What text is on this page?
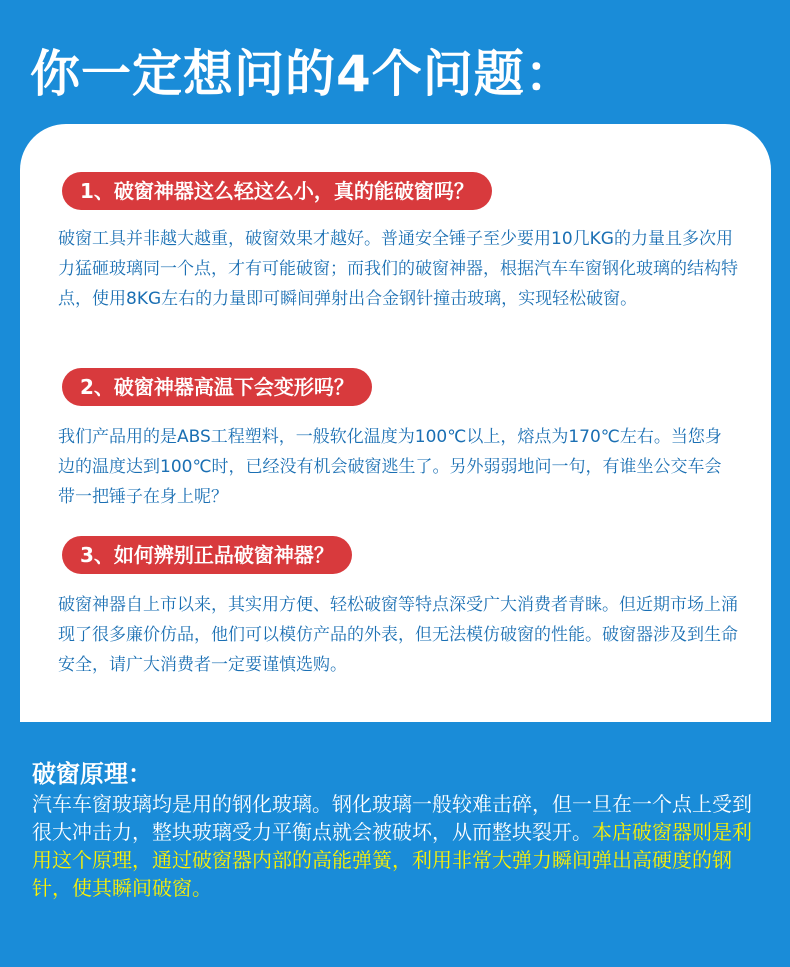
你一定想问的4个问题：
1、破窗神器这么轻这么小，真的能破窗吗？
破窗工具并非越大越重，破窗效果才越好。普通安全锤子至少要用10几KG的力量且多次用力猛砸玻璃同一个点，才有可能破窗；而我们的破窗神器，根据汽车车窗钢化玻璃的结构特点，使用8KG左右的力量即可瞬间弹射出合金钢针撞击玻璃，实现轻松破窗。
2、破窗神器高温下会变形吗？
我们产品用的是ABS工程塑料，一般软化温度为100℃以上，熔点为170℃左右。当您身边的温度达到100℃时，已经没有机会破窗逃生了。另外弱弱地问一句，有谁坐公交车会带一把锤子在身上呢？
3、如何辨别正品破窗神器？
破窗神器自上市以来，其实用方便、轻松破窗等特点深受广大消费者青睐。但近期市场上涌现了很多廉价仿品，他们可以模仿产品的外表，但无法模仿破窗的性能。破窗器涉及到生命安全，请广大消费者一定要谨慎选购。
破窗原理：
汽车车窗玻璃均是用的钢化玻璃。钢化玻璃一般较难击碎，但一旦在一个点上受到很大冲击力，整块玻璃受力平衡点就会被破坏，从而整块裂开。本店破窗器则是利用这个原理，通过破窗器内部的高能弹簧，利用非常大弹力瞬间弹出高硬度的钢针，使其瞬间破窗。
